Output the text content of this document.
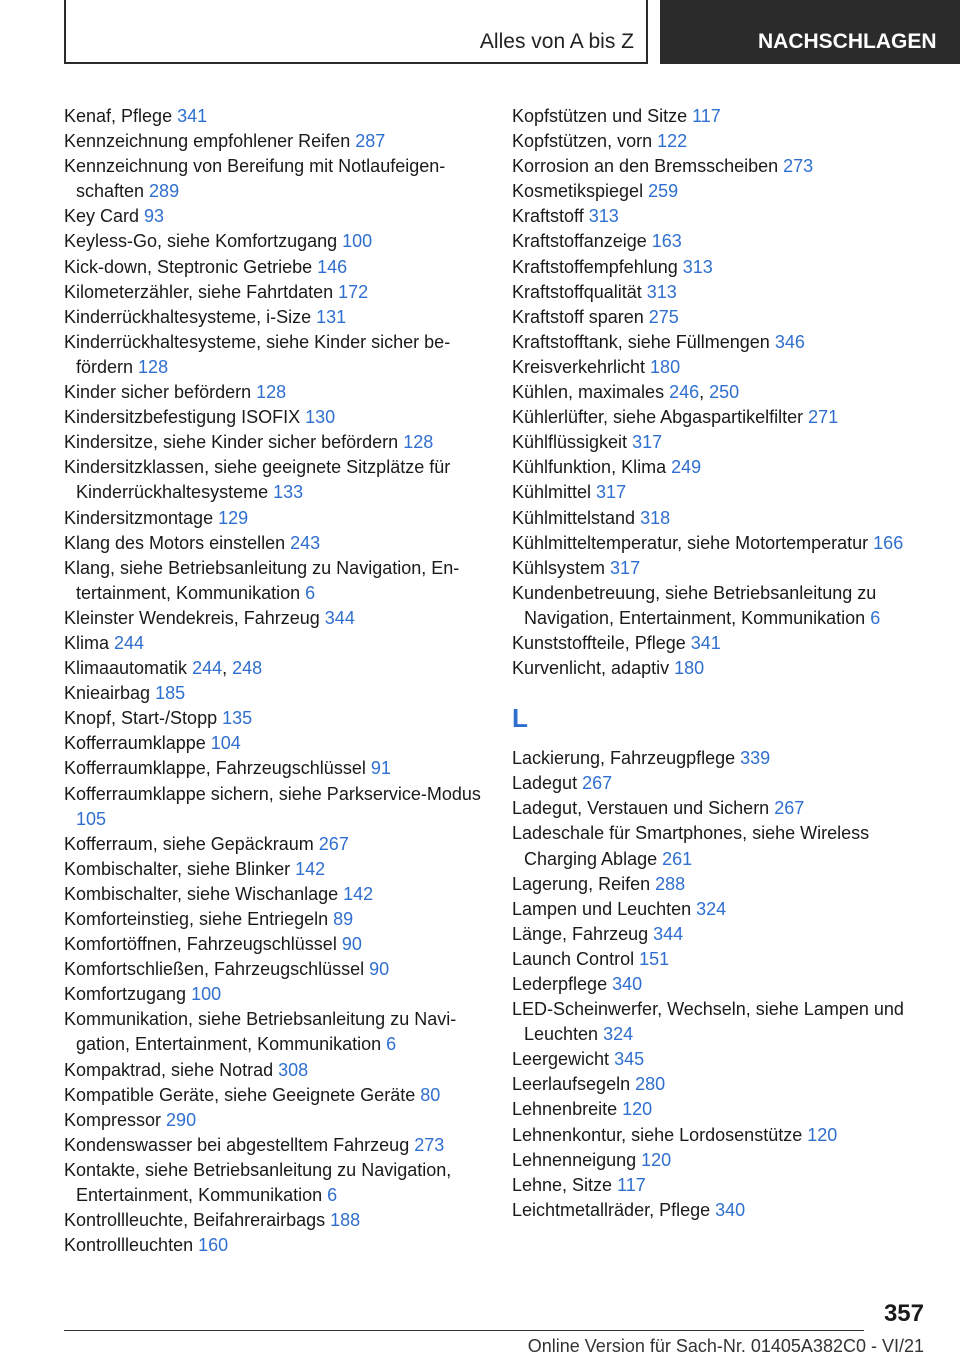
Alles von A bis Z	NACHSCHLAGEN

Kenaf, Pflege 341

Kennzeichnung empfohlener Reifen 287

Kennzeichnung von Bereifung mit Notlaufeigenschaften 289

Key Card 93

Keyless-Go, siehe Komfortzugang 100

Kick-down, Steptronic Getriebe 146

Kilometerzähler, siehe Fahrtdaten 172

Kinderrückhaltesysteme, i-Size 131

Kinderrückhaltesysteme, siehe Kinder sicher befördern 128

Kinder sicher befördern 128

Kindersitzbefestigung ISOFIX 130

Kindersitze, siehe Kinder sicher befördern 128

Kindersitzklassen, siehe geeignete Sitzplätze für Kinderrückhaltesysteme 133

Kindersitzmontage 129

Klang des Motors einstellen 243

Klang, siehe Betriebsanleitung zu Navigation, Entertainment, Kommunikation 6

Kleinster Wendekreis, Fahrzeug 344

Klima 244

Klimaautomatik 244, 248

Knieairbag 185

Knopf, Start-/Stopp 135

Kofferraumklappe 104

Kofferraumklappe, Fahrzeugschlüssel 91

Kofferraumklappe sichern, siehe Parkservice-Modus 105

Kofferraum, siehe Gepäckraum 267

Kombischalter, siehe Blinker 142

Kombischalter, siehe Wischanlage 142

Komforteinstieg, siehe Entriegeln 89

Komfortöffnen, Fahrzeugschlüssel 90

Komfortschließen, Fahrzeugschlüssel 90

Komfortzugang 100

Kommunikation, siehe Betriebsanleitung zu Navigation, Entertainment, Kommunikation 6

Kompaktrad, siehe Notrad 308

Kompatible Geräte, siehe Geeignete Geräte 80

Kompressor 290

Kondenswasser bei abgestelltem Fahrzeug 273

Kontakte, siehe Betriebsanleitung zu Navigation, Entertainment, Kommunikation 6

Kontrollleuchte, Beifahrerairbags 188

Kontrollleuchten 160

Kopfstützen und Sitze 117

Kopfstützen, vorn 122

Korrosion an den Bremsscheiben 273

Kosmetikspiegel 259

Kraftstoff 313

Kraftstoffanzeige 163

Kraftstoffempfehlung 313

Kraftstoffqualität 313

Kraftstoff sparen 275

Kraftstofftank, siehe Füllmengen 346

Kreisverkehrlicht 180

Kühlen, maximales 246, 250

Kühlerlüfter, siehe Abgaspartikelfilter 271

Kühlflüssigkeit 317

Kühlfunktion, Klima 249

Kühlmittel 317

Kühlmittelstand 318

Kühlmitteltemperatur, siehe Motortemperatur 166

Kühlsystem 317

Kundenbetreuung, siehe Betriebsanleitung zu Navigation, Entertainment, Kommunikation 6

Kunststoffteile, Pflege 341

Kurvenlicht, adaptiv 180

L

Lackierung, Fahrzeugpflege 339

Ladegut 267

Ladegut, Verstauen und Sichern 267

Ladeschale für Smartphones, siehe Wireless Charging Ablage 261

Lagerung, Reifen 288

Lampen und Leuchten 324

Länge, Fahrzeug 344

Launch Control 151

Lederpflege 340

LED-Scheinwerfer, Wechseln, siehe Lampen und Leuchten 324

Leergewicht 345

Leerlaufsegeln 280

Lehnenbreite 120

Lehnenkontur, siehe Lordosenstütze 120

Lehnenneigung 120

Lehne, Sitze 117

Leichtmetallräder, Pflege 340

357
Online Version für Sach-Nr. 01405A382C0 - VI/21
